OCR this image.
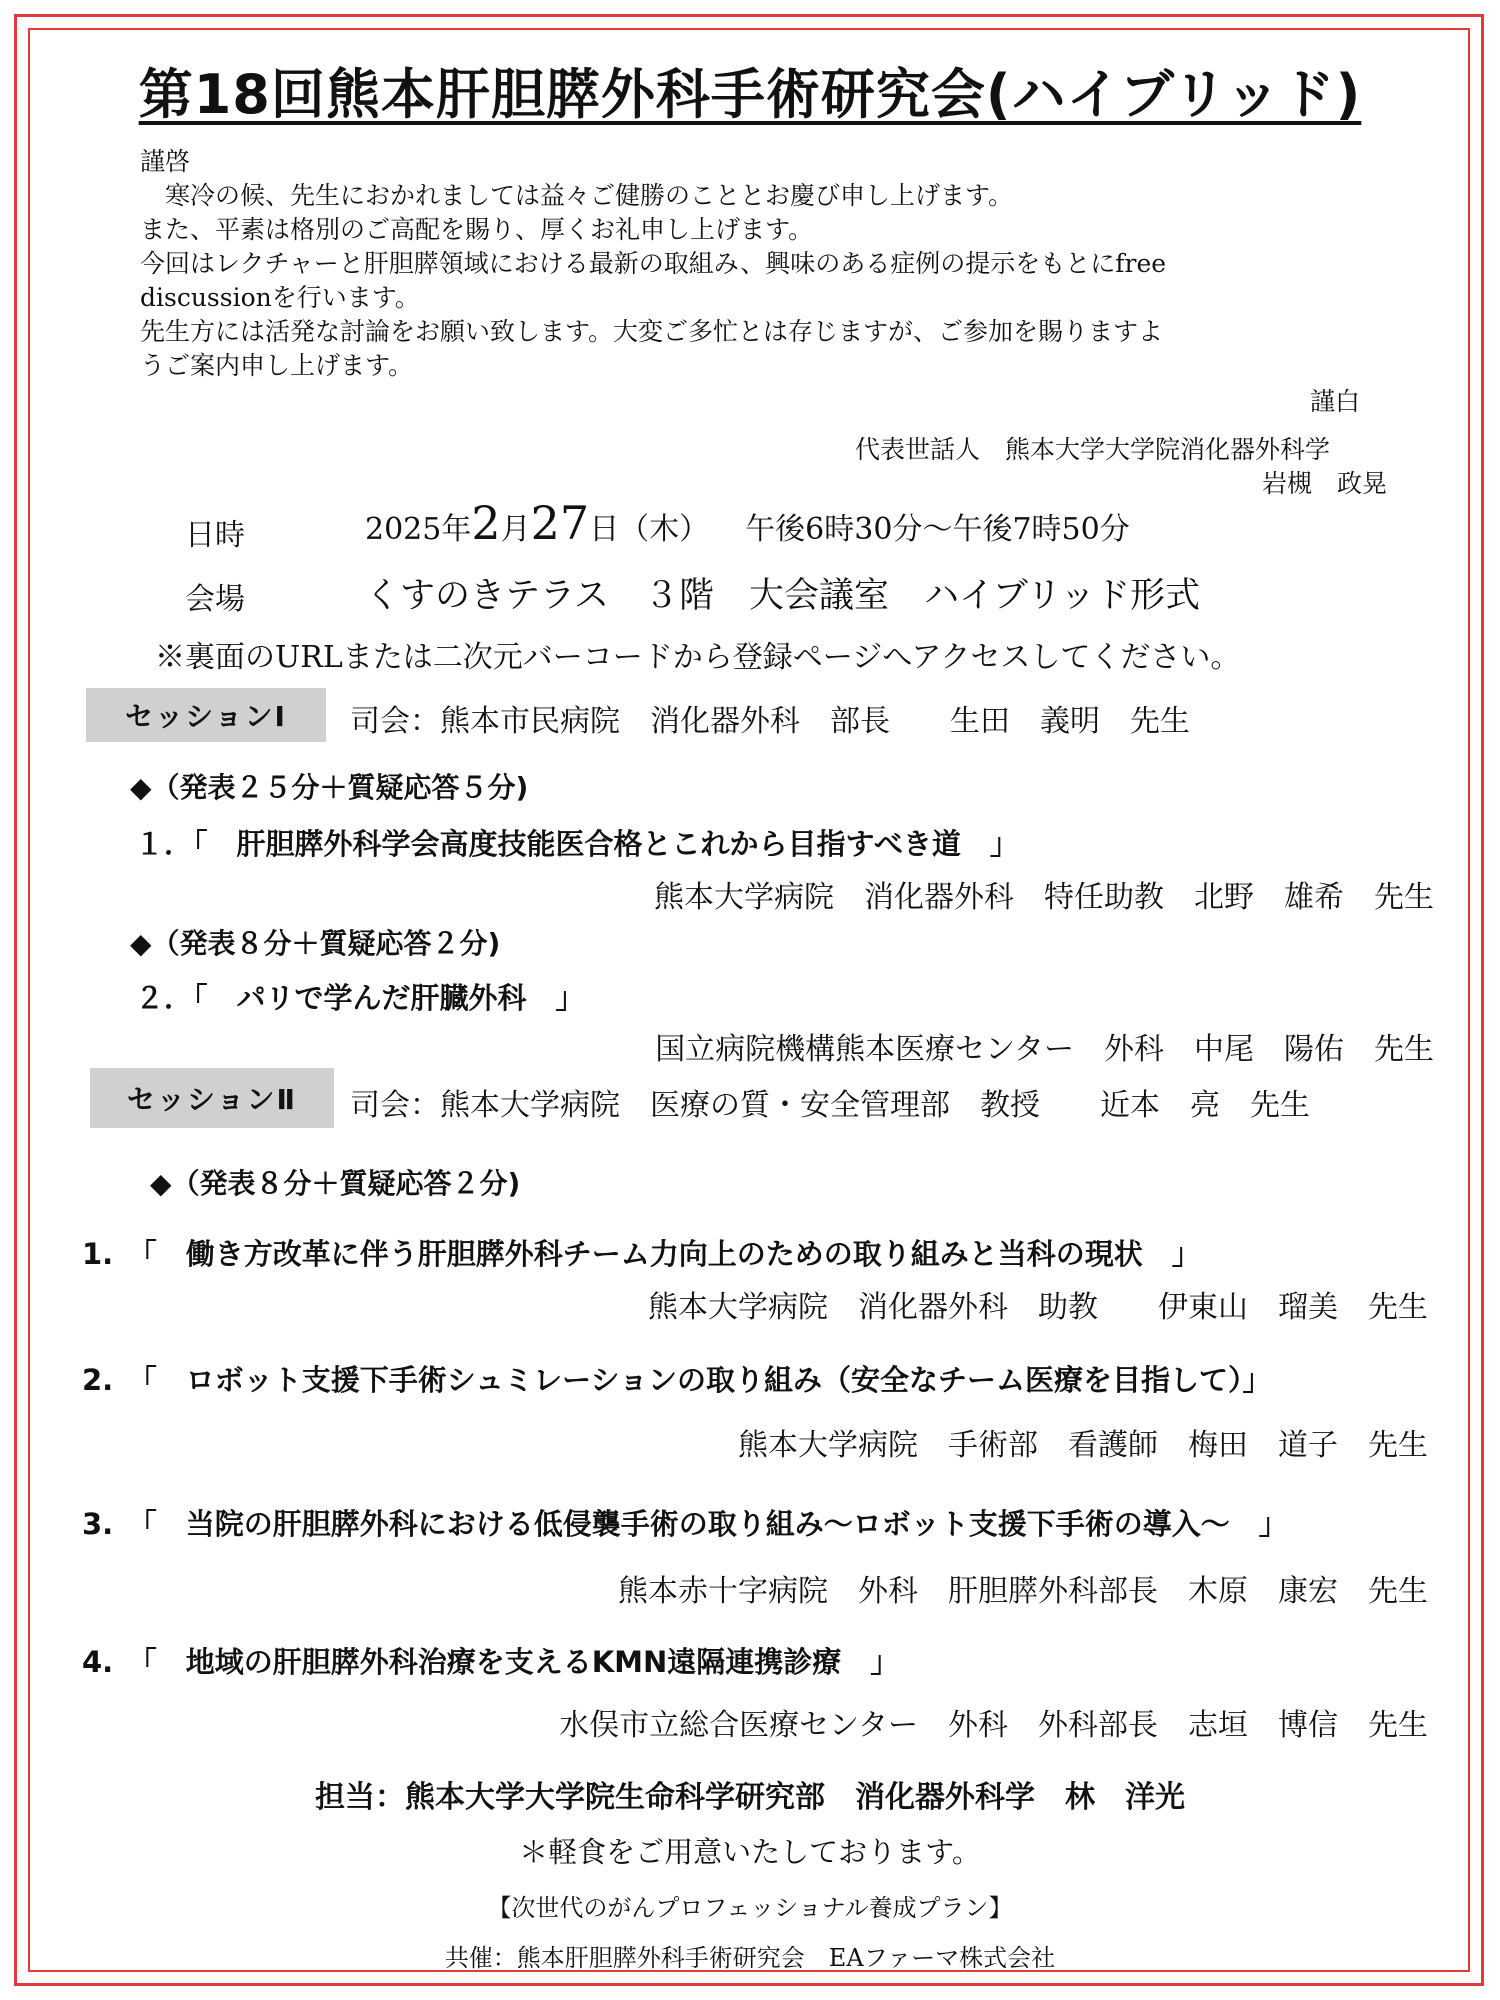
第18回熊本肝胆膵外科手術研究会(ハイブリッド)
謹啓
寒冷の候、先生におかれましては益々ご健勝のこととお慶び申し上げます。
また、平素は格別のご高配を賜り、厚くお礼申し上げます。
今回はレクチャーと肝胆膵領域における最新の取組み、興味のある症例の提示をもとにfree
discussionを行います。
先生方には活発な討論をお願い致します。大変ご多忙とは存じますが、ご参加を賜りますよ
うご案内申し上げます。
謹白
代表世話人　熊本大学大学院消化器外科学
岩槻　政晃
日時	2025年 2 月 27 日（木） 午後6時30分～午後7時50分
会場	くすのきテラス　３階　大会議室　ハイブリッド形式
※裏面のURLまたは二次元バーコードから登録ページへアクセスしてください。
セッションⅠ	司会：熊本市民病院　消化器外科　部長　　生田　義明　先生
◆（発表２５分＋質疑応答５分)
１．「　肝胆膵外科学会高度技能医合格とこれから目指すべき道　」
熊本大学病院　消化器外科　特任助教　北野　雄希　先生
◆（発表８分＋質疑応答２分)
２．「　パリで学んだ肝臓外科　」
国立病院機構熊本医療センター　外科　中尾　陽佑　先生
セッションⅡ	司会：熊本大学病院　医療の質・安全管理部　教授　　近本　亮　先生
◆（発表８分＋質疑応答２分)
1.　「　働き方改革に伴う肝胆膵外科チーム力向上のための取り組みと当科の現状　」
熊本大学病院　消化器外科　助教　　伊東山　瑠美　先生
2.　「　ロボット支援下手術シュミレーションの取り組み（安全なチーム医療を目指して）」
熊本大学病院　手術部　看護師　梅田　道子　先生
3.　「　当院の肝胆膵外科における低侵襲手術の取り組み～ロボット支援下手術の導入～　」
熊本赤十字病院　外科　肝胆膵外科部長　木原　康宏　先生
4.　「　地域の肝胆膵外科治療を支えるKMN遠隔連携診療　」
水俣市立総合医療センター　外科　外科部長　志垣　博信　先生
担当：熊本大学大学院生命科学研究部　消化器外科学　林　洋光
＊軽食をご用意いたしております。
【次世代のがんプロフェッショナル養成プラン】
共催：熊本肝胆膵外科手術研究会　EAファーマ株式会社
